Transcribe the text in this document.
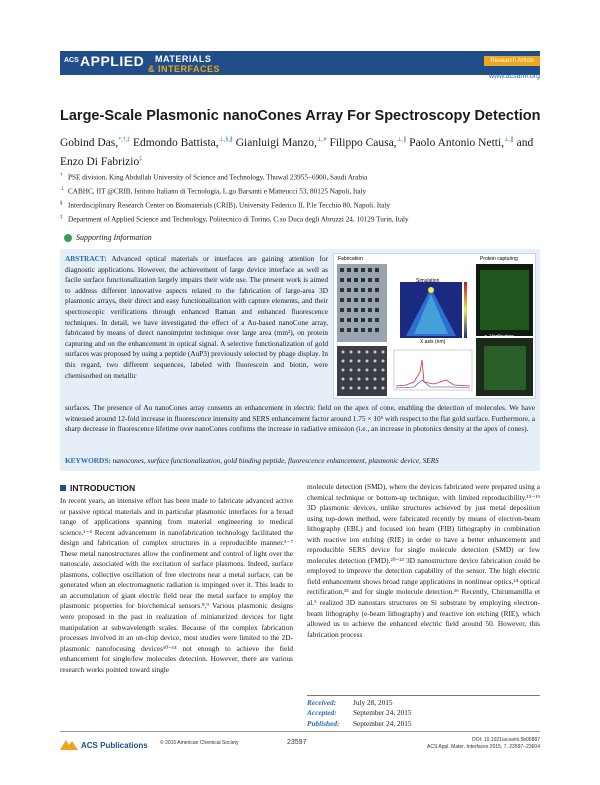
ACS APPLIED MATERIALS
& INTERFACES
Research Article
www.acsami.org
Large-Scale Plasmonic nanoCones Array For Spectroscopy Detection
Gobind Das,*,†,‡ Edmondo Battista,⊥,§,∥ Gianluigi Manzo,⊥,# Filippo Causa,⊥,∥ Paolo Antonio Netti,⊥,∥ and Enzo Di Fabrizio‡
† PSE division, King Abdullah University of Science and Technology, Thuwal 23955−6900, Saudi Arabia
⊥ CABHC, IIT @CRIB, Istituto Italiano di Tecnologia, L.go Barsanti e Matteucci 53, 80125 Napoli, Italy
§ Interdisciplinary Research Center on Biomaterials (CRIB), University Federico II, P.le Tecchio 80, Napoli, Italy
‡ Department of Applied Science and Technology, Politecnico di Torino, C.so Duca degli Abruzzi 24, 10129 Turin, Italy
Supporting Information
ABSTRACT: Advanced optical materials or interfaces are gaining attention for diagnostic applications. However, the achievement of large device interface as well as facile surface functionalization largely impairs their wide use. The present work is aimed to address different innovative aspects related to the fabrication of large-area 3D plasmonic arrays, their direct and easy functionalization with capture elements, and their spectroscopic verifications through enhanced Raman and enhanced fluorescence techniques. In detail, we have investigated the effect of a Au-based nanoCone array, fabricated by means of direct nanoimprint technique over large area (mm²), on protein capturing and on the enhancement in optical signal. A selective functionalization of gold surfaces was proposed by using a peptide (AuP3) previously selected by phage display. In this regard, two different sequences, labeled with fluorescein and biotin, were chemisorbed on metallic
Fabrication
Simulation
Protein capturing
➤ Verification
X axis (nm)
surfaces. The presence of Au nanoCones array consents an enhancement in electric field on the apex of cone, enabling the detection of molecules. We have witnessed around 12-fold increase in fluorescence intensity and SERS enhancement factor around 1.75 × 10⁵ with respect to the flat gold surface. Furthermore, a sharp decrease in fluorescence lifetime over nanoCones confirms the increase in radiative emission (i.e., an increase in photonics density at the apex of cones).
KEYWORDS: nanocones, surface functionalization, gold binding peptide, fluorescence enhancement, plasmonic device, SERS
INTRODUCTION
In recent years, an intensive effort has been made to fabricate advanced active or passive optical materials and in particular plasmonic interfaces for a broad range of applications spanning from material engineering to medical science.¹⁻⁴ Recent advancement in nanofabrication technology facilitated the design and fabrication of complex structures in a reproducible manner.⁵⁻⁷ These metal nanostructures allow the confinement and control of light over the nanoscale, associated with the excitation of surface plasmons. Indeed, surface plasmons, collective oscillation of free electrons near a metal surface, can be generated when an electromagnetic radiation is impinged over it. This leads to an accumulation of giant electric field near the metal surface to employ the plasmonic properties for bio/chemical sensors.⁸,⁹ Various plasmonic designs were proposed in the past in realization of miniaturized devices for light manipulation at subwavelength scales. Because of the complex fabrication processes involved in an on-chip device, most studies were limited to the 2D-plasmonic nanofocusing devices¹⁰⁻¹⁴ not enough to achieve the field enhancement for single/few molecules detection. However, there are various research works pointed toward single
molecule detection (SMD), where the devices fabricated were prepared using a chemical technique or bottom-up technique, with limited reproducibility.¹⁵⁻¹⁹ 3D plasmonic devices, unlike structures achieved by just metal deposition using top-down method, were fabricated recently by means of electron-beam lithography (EBL) and focused ion beam (FIB) lithography in combination with reactive ion etching (RIE) in order to have a better enhancement and reproducible SERS device for single molecule detection (SMD) or few molecules detection (FMD).²⁰⁻²³ 3D nanostructure device fabrication could be employed to improve the detection capability of the sensor. The high electric field enhancement shows broad range applications in nonlinear optics,²⁴ optical rectification,²⁵ and for single molecule detection.²⁶ Recently, Chirumamilla et al.⁵ realized 3D nanostars structures on Si substrate by employing electron-beam lithography (e-beam lithography) and reactive ion etching (RIE), which allowed us to achieve the enhanced electric field around 50. However, this fabrication process
Received: July 28, 2015
Accepted: September 24, 2015
Published: September 24, 2015
ACS Publications © 2015 American Chemical Society	23597	DOI: 10.1021/acsami.5b06887
ACS Appl. Mater. Interfaces 2015, 7, 23597−23604
